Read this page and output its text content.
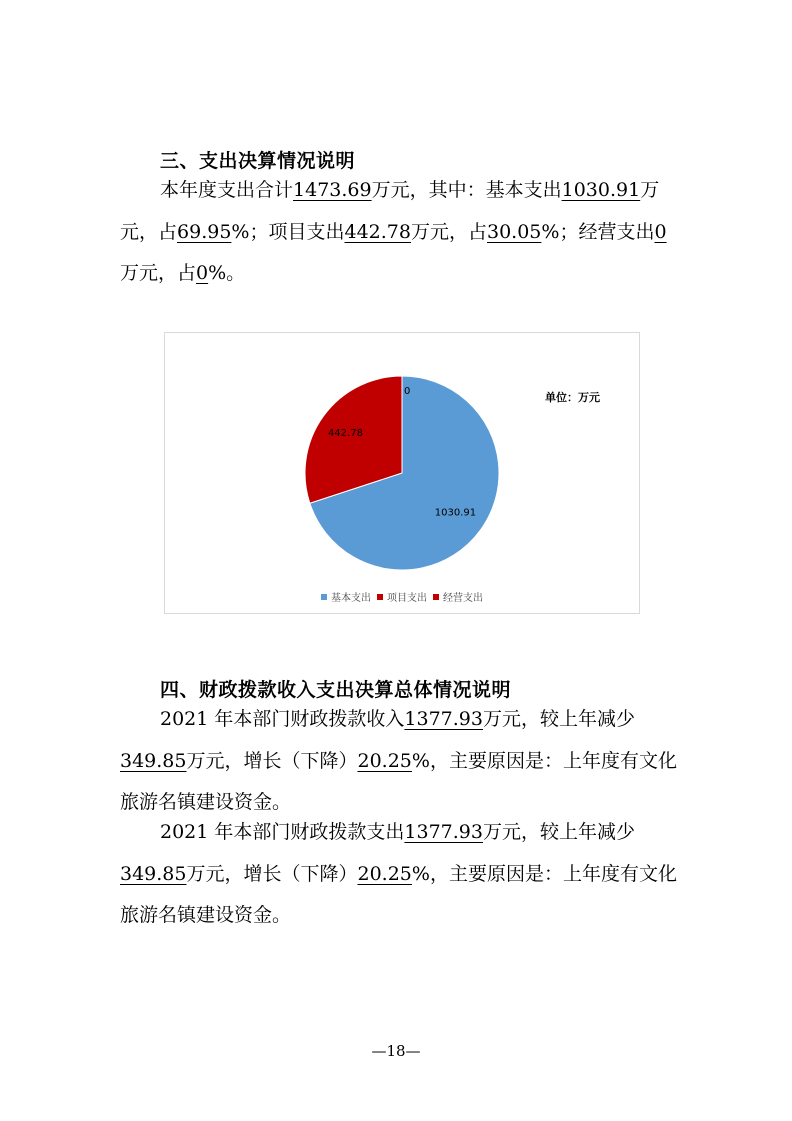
三、支出决算情况说明

本年度支出合计1473.69万元，其中：基本支出1030.91万元，占69.95%；项目支出442.78万元，占30.05%；经营支出0万元，占0%。

1030.91
442.78
0	单位：万元
基本支出 项目支出 经营支出
四、财政拨款收入支出决算总体情况说明

2021 年本部门财政拨款收入1377.93万元，较上年减少349.85万元，增长（下降）20.25%，主要原因是：上年度有文化旅游名镇建设资金。

2021 年本部门财政拨款支出1377.93万元，较上年减少349.85万元，增长（下降）20.25%，主要原因是：上年度有文化旅游名镇建设资金。

—18—
